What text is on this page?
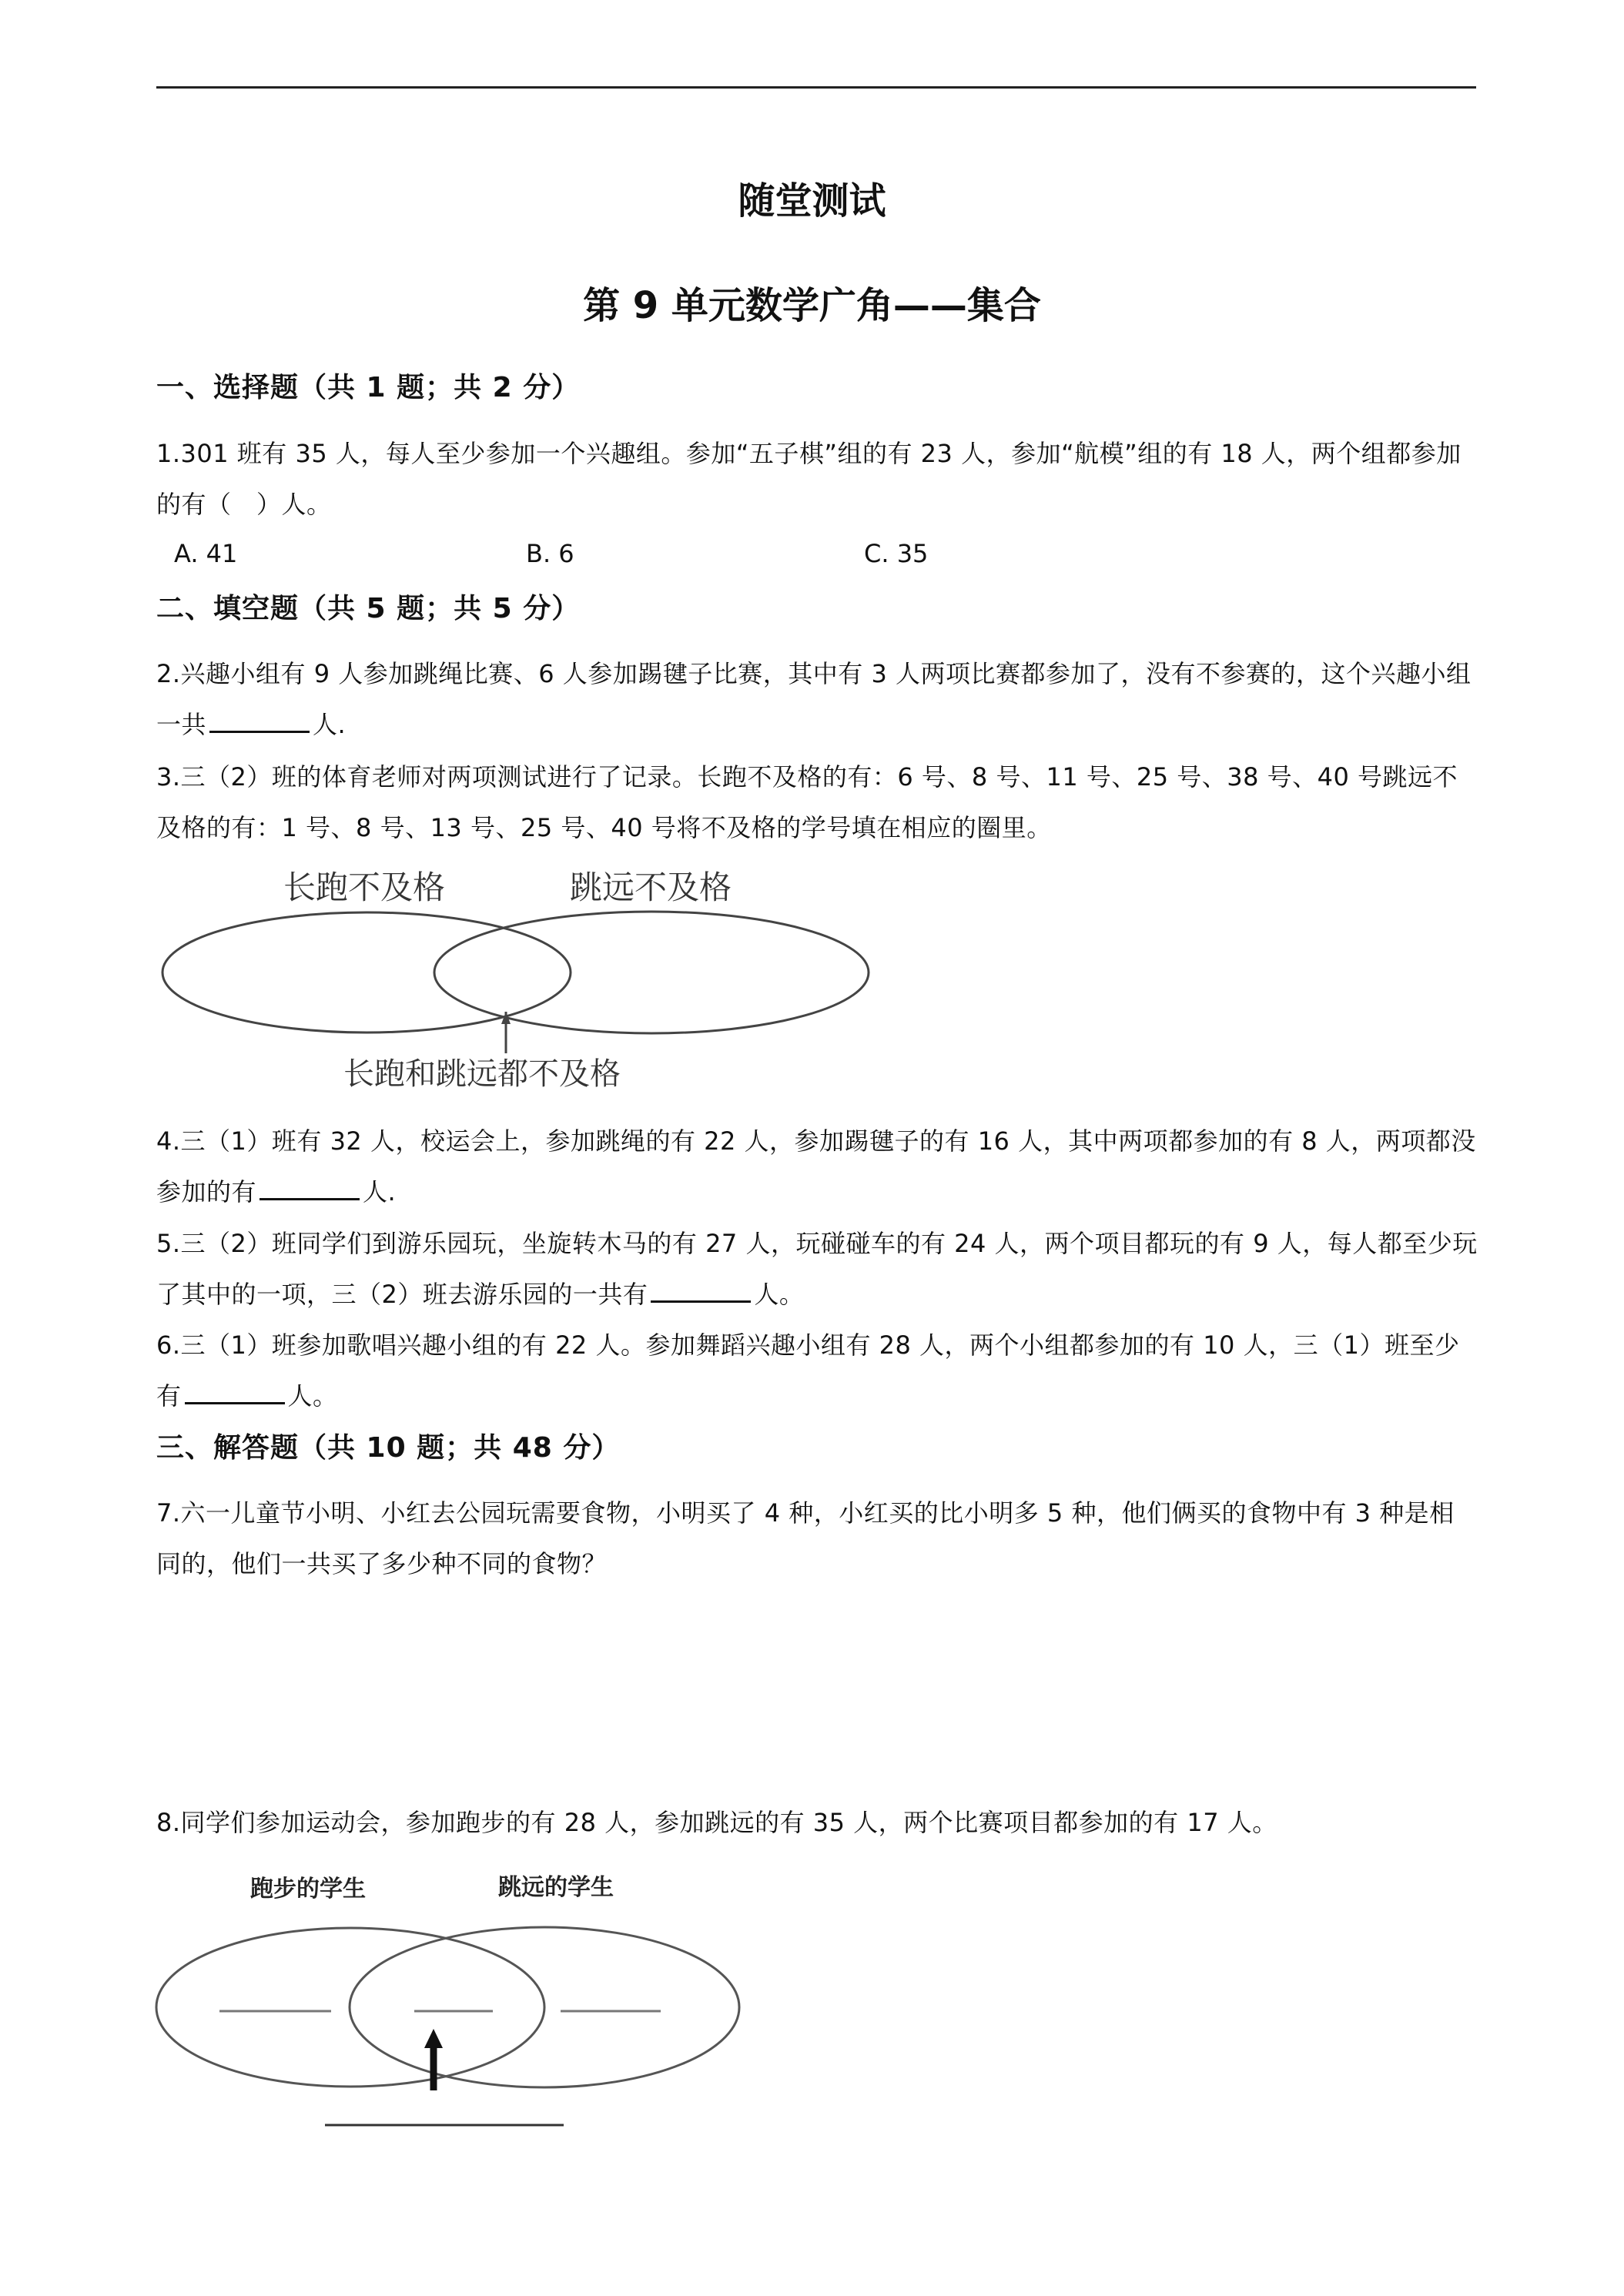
随堂测试
第 9 单元数学广角——集合
一、选择题（共 1 题；共 2 分）
1.301 班有 35 人，每人至少参加一个兴趣组。参加“五子棋”组的有 23 人，参加“航模”组的有 18 人，两个组都参加的有（　）人。
A. 41	B. 6	C. 35
二、填空题（共 5 题；共 5 分）
2.兴趣小组有 9 人参加跳绳比赛、6 人参加踢毽子比赛，其中有 3 人两项比赛都参加了，没有不参赛的，这个兴趣小组一共	人.
3.三（2）班的体育老师对两项测试进行了记录。长跑不及格的有：6 号、8 号、11 号、25 号、38 号、40 号跳远不及格的有：1 号、8 号、13 号、25 号、40 号将不及格的学号填在相应的圈里。
4.三（1）班有 32 人，校运会上，参加跳绳的有 22 人，参加踢毽子的有 16 人，其中两项都参加的有 8 人，两项都没参加的有	人.
5.三（2）班同学们到游乐园玩，坐旋转木马的有 27 人，玩碰碰车的有 24 人，两个项目都玩的有 9 人，每人都至少玩了其中的一项，三（2）班去游乐园的一共有	人。
6.三（1）班参加歌唱兴趣小组的有 22 人。参加舞蹈兴趣小组有 28 人，两个小组都参加的有 10 人，三（1）班至少有	人。
三、解答题（共 10 题；共 48 分）
7.六一儿童节小明、小红去公园玩需要食物，小明买了 4 种，小红买的比小明多 5 种，他们俩买的食物中有 3 种是相同的，他们一共买了多少种不同的食物？
8.同学们参加运动会，参加跑步的有 28 人，参加跳远的有 35 人，两个比赛项目都参加的有 17 人。
长跑不及格	跳远不及格
长跑和跳远都不及格
跑步的学生	跳远的学生
